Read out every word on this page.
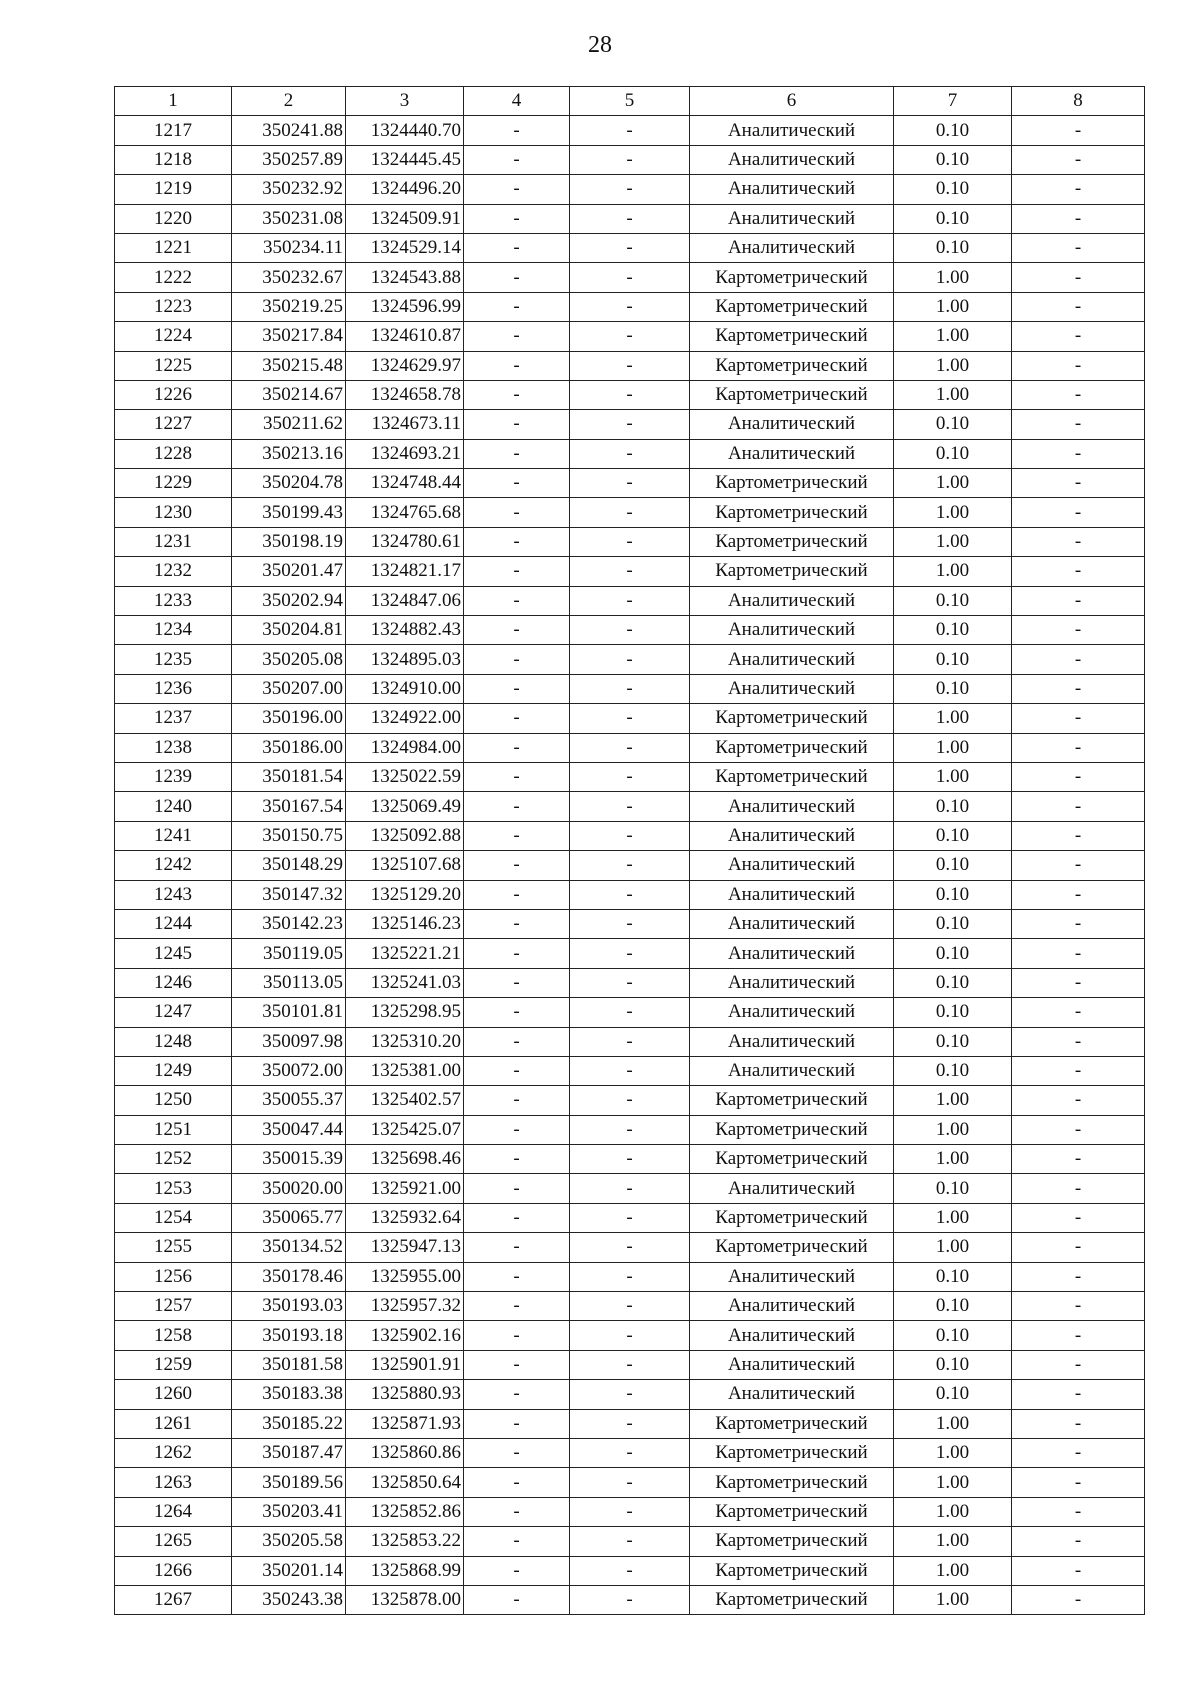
28
1	2	3	4	5	6	7	8
1217	350241.88	1324440.70	-	-	Аналитический	0.10	-
1218	350257.89	1324445.45	-	-	Аналитический	0.10	-
1219	350232.92	1324496.20	-	-	Аналитический	0.10	-
1220	350231.08	1324509.91	-	-	Аналитический	0.10	-
1221	350234.11	1324529.14	-	-	Аналитический	0.10	-
1222	350232.67	1324543.88	-	-	Картометрический	1.00	-
1223	350219.25	1324596.99	-	-	Картометрический	1.00	-
1224	350217.84	1324610.87	-	-	Картометрический	1.00	-
1225	350215.48	1324629.97	-	-	Картометрический	1.00	-
1226	350214.67	1324658.78	-	-	Картометрический	1.00	-
1227	350211.62	1324673.11	-	-	Аналитический	0.10	-
1228	350213.16	1324693.21	-	-	Аналитический	0.10	-
1229	350204.78	1324748.44	-	-	Картометрический	1.00	-
1230	350199.43	1324765.68	-	-	Картометрический	1.00	-
1231	350198.19	1324780.61	-	-	Картометрический	1.00	-
1232	350201.47	1324821.17	-	-	Картометрический	1.00	-
1233	350202.94	1324847.06	-	-	Аналитический	0.10	-
1234	350204.81	1324882.43	-	-	Аналитический	0.10	-
1235	350205.08	1324895.03	-	-	Аналитический	0.10	-
1236	350207.00	1324910.00	-	-	Аналитический	0.10	-
1237	350196.00	1324922.00	-	-	Картометрический	1.00	-
1238	350186.00	1324984.00	-	-	Картометрический	1.00	-
1239	350181.54	1325022.59	-	-	Картометрический	1.00	-
1240	350167.54	1325069.49	-	-	Аналитический	0.10	-
1241	350150.75	1325092.88	-	-	Аналитический	0.10	-
1242	350148.29	1325107.68	-	-	Аналитический	0.10	-
1243	350147.32	1325129.20	-	-	Аналитический	0.10	-
1244	350142.23	1325146.23	-	-	Аналитический	0.10	-
1245	350119.05	1325221.21	-	-	Аналитический	0.10	-
1246	350113.05	1325241.03	-	-	Аналитический	0.10	-
1247	350101.81	1325298.95	-	-	Аналитический	0.10	-
1248	350097.98	1325310.20	-	-	Аналитический	0.10	-
1249	350072.00	1325381.00	-	-	Аналитический	0.10	-
1250	350055.37	1325402.57	-	-	Картометрический	1.00	-
1251	350047.44	1325425.07	-	-	Картометрический	1.00	-
1252	350015.39	1325698.46	-	-	Картометрический	1.00	-
1253	350020.00	1325921.00	-	-	Аналитический	0.10	-
1254	350065.77	1325932.64	-	-	Картометрический	1.00	-
1255	350134.52	1325947.13	-	-	Картометрический	1.00	-
1256	350178.46	1325955.00	-	-	Аналитический	0.10	-
1257	350193.03	1325957.32	-	-	Аналитический	0.10	-
1258	350193.18	1325902.16	-	-	Аналитический	0.10	-
1259	350181.58	1325901.91	-	-	Аналитический	0.10	-
1260	350183.38	1325880.93	-	-	Аналитический	0.10	-
1261	350185.22	1325871.93	-	-	Картометрический	1.00	-
1262	350187.47	1325860.86	-	-	Картометрический	1.00	-
1263	350189.56	1325850.64	-	-	Картометрический	1.00	-
1264	350203.41	1325852.86	-	-	Картометрический	1.00	-
1265	350205.58	1325853.22	-	-	Картометрический	1.00	-
1266	350201.14	1325868.99	-	-	Картометрический	1.00	-
1267	350243.38	1325878.00	-	-	Картометрический	1.00	-
